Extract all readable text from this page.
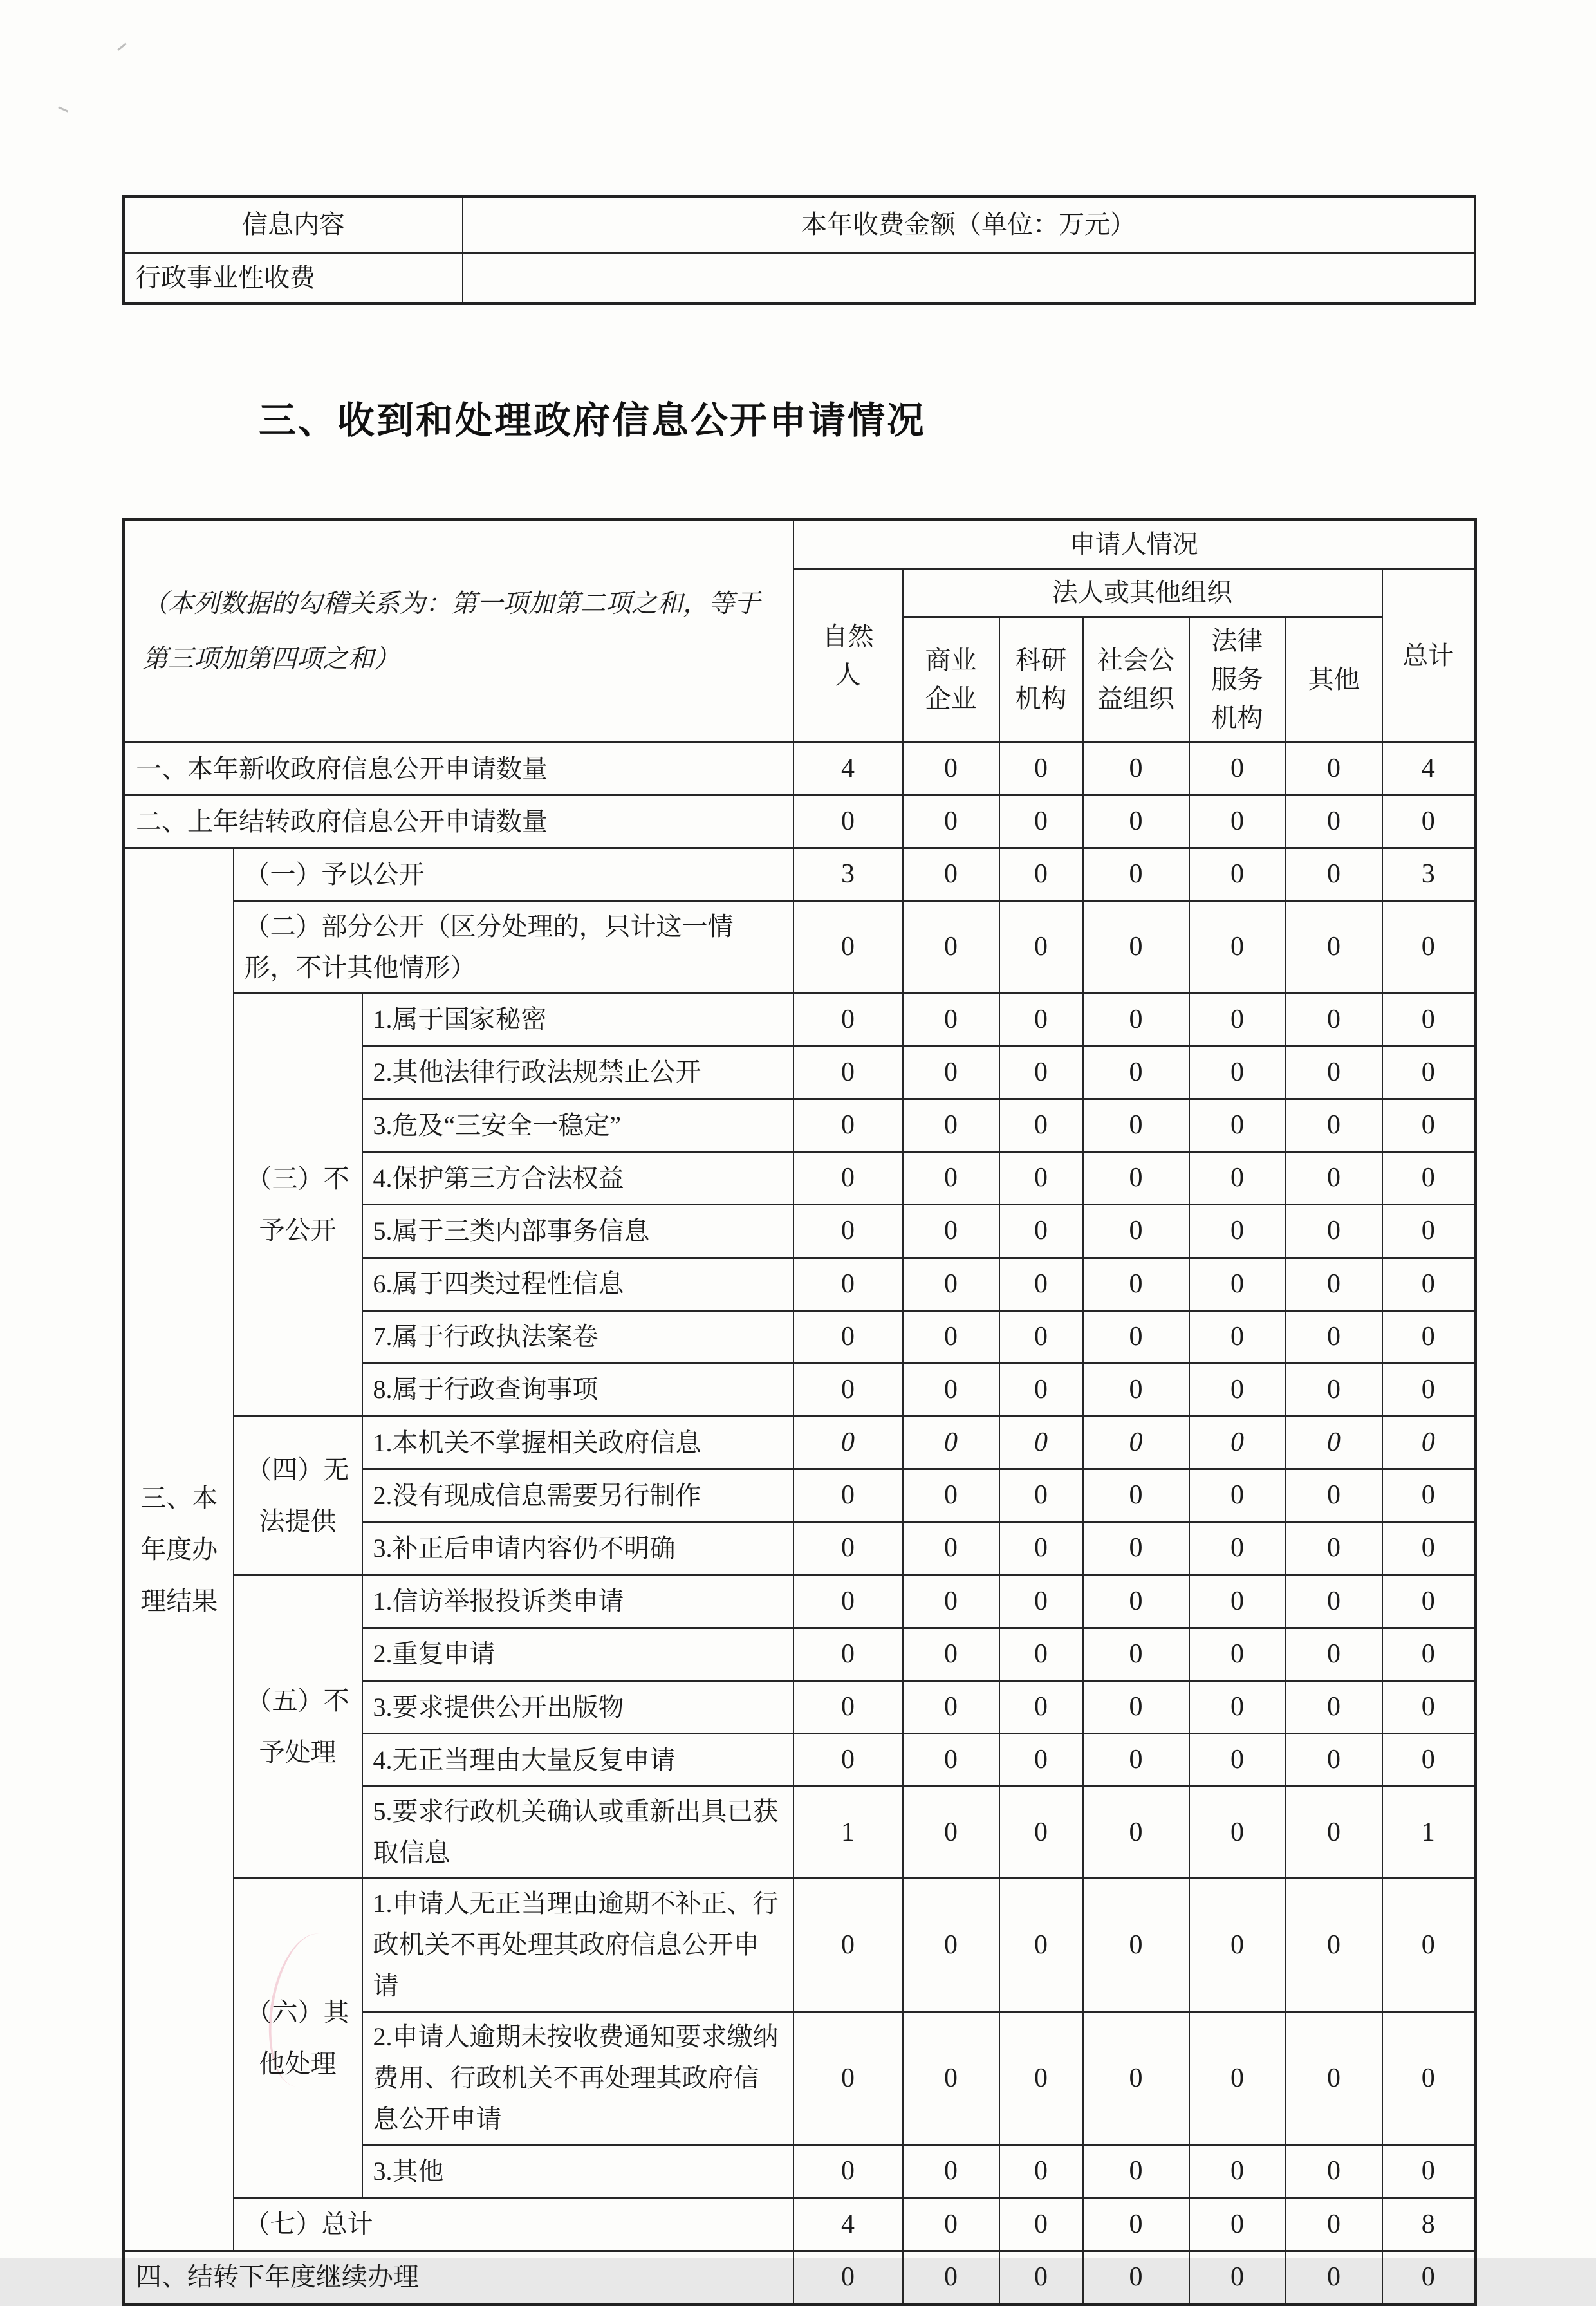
信息内容	本年收费金额（单位：万元）
行政事业性收费	
三、收到和处理政府信息公开申请情况
（本列数据的勾稽关系为：第一项加第二项之和，等于第三项加第四项之和）			申请人情况						
			自然人	法人或其他组织					总计
				商业企业	科研机构	社会公益组织	法律服务机构	其他	
一、本年新收政府信息公开申请数量			4	0	0	0	0	0	4
二、上年结转政府信息公开申请数量			0	0	0	0	0	0	0
三、本年度办理结果	（一）予以公开		3	0	0	0	0	0	3
	（二）部分公开（区分处理的，只计这一情形，不计其他情形）		0	0	0	0	0	0	0
	（三）不予公开	1.属于国家秘密	0	0	0	0	0	0	0
		2.其他法律行政法规禁止公开	0	0	0	0	0	0	0
		3.危及“三安全一稳定”	0	0	0	0	0	0	0
		4.保护第三方合法权益	0	0	0	0	0	0	0
		5.属于三类内部事务信息	0	0	0	0	0	0	0
		6.属于四类过程性信息	0	0	0	0	0	0	0
		7.属于行政执法案卷	0	0	0	0	0	0	0
		8.属于行政查询事项	0	0	0	0	0	0	0
	（四）无法提供	1.本机关不掌握相关政府信息	0	0	0	0	0	0	0
		2.没有现成信息需要另行制作	0	0	0	0	0	0	0
		3.补正后申请内容仍不明确	0	0	0	0	0	0	0
	（五）不予处理	1.信访举报投诉类申请	0	0	0	0	0	0	0
		2.重复申请	0	0	0	0	0	0	0
		3.要求提供公开出版物	0	0	0	0	0	0	0
		4.无正当理由大量反复申请	0	0	0	0	0	0	0
		5.要求行政机关确认或重新出具已获取信息	1	0	0	0	0	0	1
	（六）其他处理	1.申请人无正当理由逾期不补正、行政机关不再处理其政府信息公开申请	0	0	0	0	0	0	0
		2.申请人逾期未按收费通知要求缴纳费用、行政机关不再处理其政府信息公开申请	0	0	0	0	0	0	0
		3.其他	0	0	0	0	0	0	0
	（七）总计		4	0	0	0	0	0	8
四、结转下年度继续办理			0	0	0	0	0	0	0
